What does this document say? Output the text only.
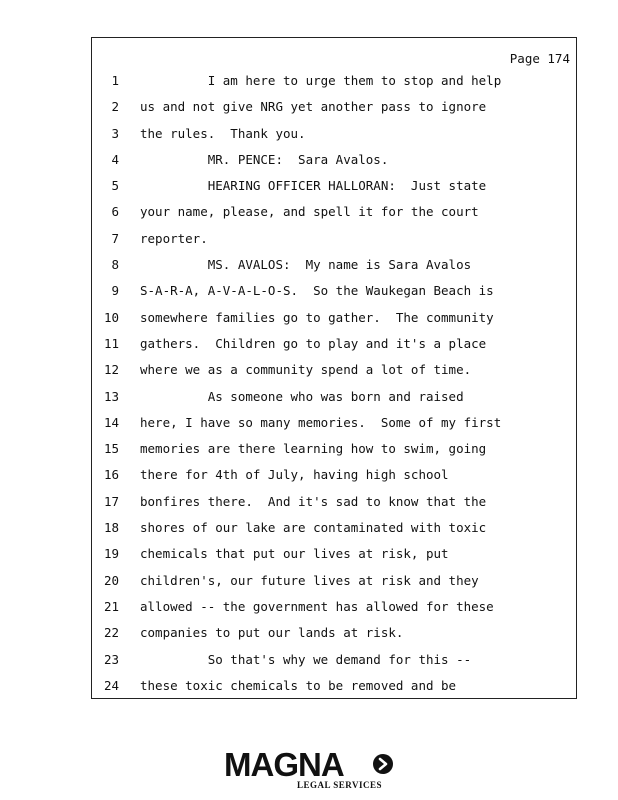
Page 174
1 I am here to urge them to stop and help
2 us and not give NRG yet another pass to ignore
3 the rules.  Thank you.
4 MR. PENCE:  Sara Avalos.
5 HEARING OFFICER HALLORAN:  Just state
6 your name, please, and spell it for the court
7 reporter.
8 MS. AVALOS:  My name is Sara Avalos
9 S-A-R-A, A-V-A-L-O-S.  So the Waukegan Beach is
10 somewhere families go to gather.  The community
11 gathers.  Children go to play and it's a place
12 where we as a community spend a lot of time.
13 As someone who was born and raised
14 here, I have so many memories.  Some of my first
15 memories are there learning how to swim, going
16 there for 4th of July, having high school
17 bonfires there.  And it's sad to know that the
18 shores of our lake are contaminated with toxic
19 chemicals that put our lives at risk, put
20 children's, our future lives at risk and they
21 allowed -- the government has allowed for these
22 companies to put our lands at risk.
23 So that's why we demand for this --
24 these toxic chemicals to be removed and be
MAGNA
LEGAL SERVICES
